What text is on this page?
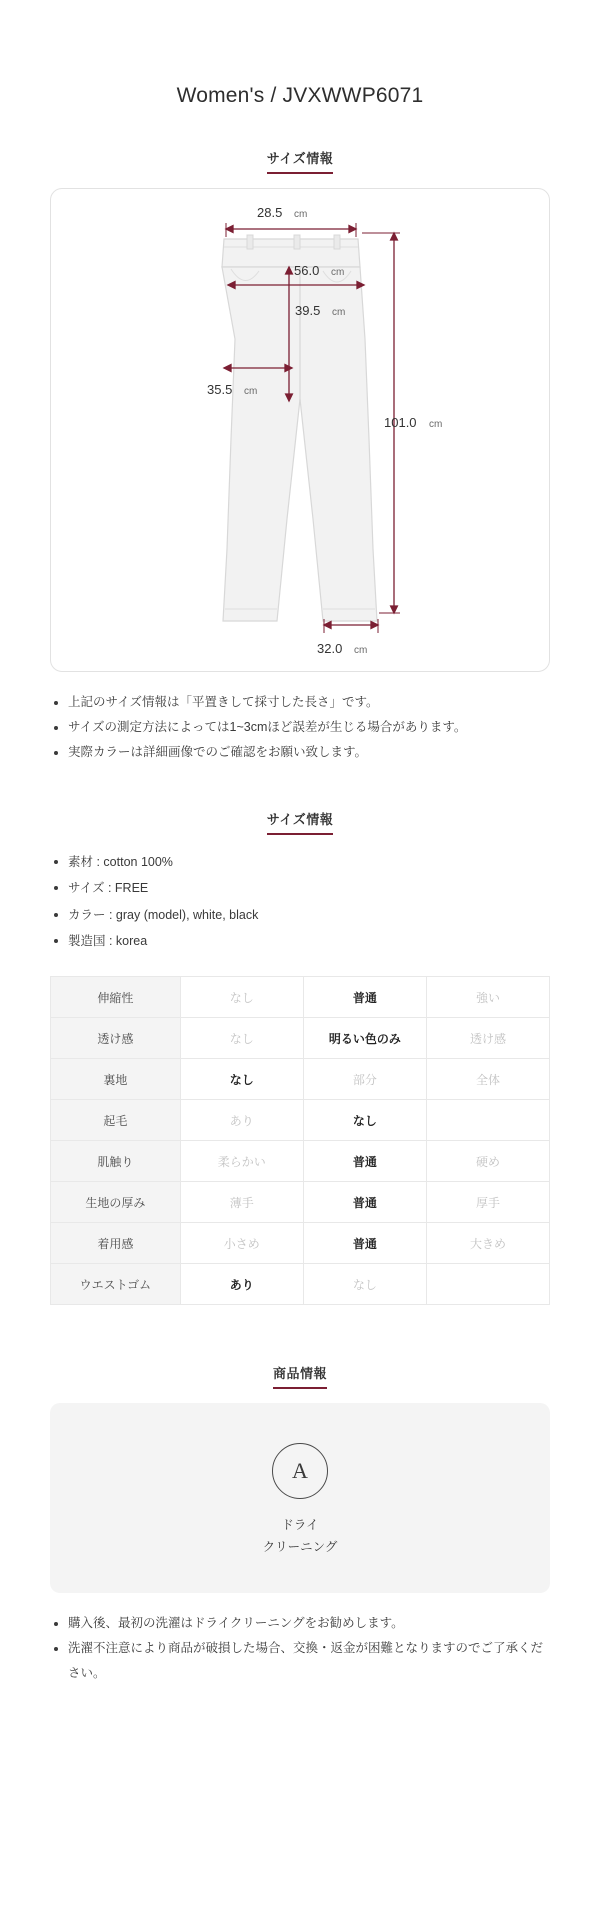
Women's / JVXWWP6071
サイズ情報
28.5 cm
56.0 cm
39.5 cm
35.5 cm
101.0 cm
32.0 cm
上記のサイズ情報は「平置きして採寸した長さ」です。
サイズの測定方法によっては1~3cmほど誤差が生じる場合があります。
実際カラーは詳細画像でのご確認をお願い致します。
サイズ情報
素材 : cotton 100%
サイズ : FREE
カラー : gray (model), white, black
製造国 : korea
伸縮性	なし	普通	強い
透け感	なし	明るい色のみ	透け感
裏地	なし	部分	全体
起毛	あり	なし	
肌触り	柔らかい	普通	硬め
生地の厚み	薄手	普通	厚手
着用感	小さめ	普通	大きめ
ウエストゴム	あり	なし	
商品情報
A
ドライ
クリーニング
購入後、最初の洗濯はドライクリーニングをお勧めします。
洗濯不注意により商品が破損した場合、交換・返金が困難となりますのでご了承ください。
